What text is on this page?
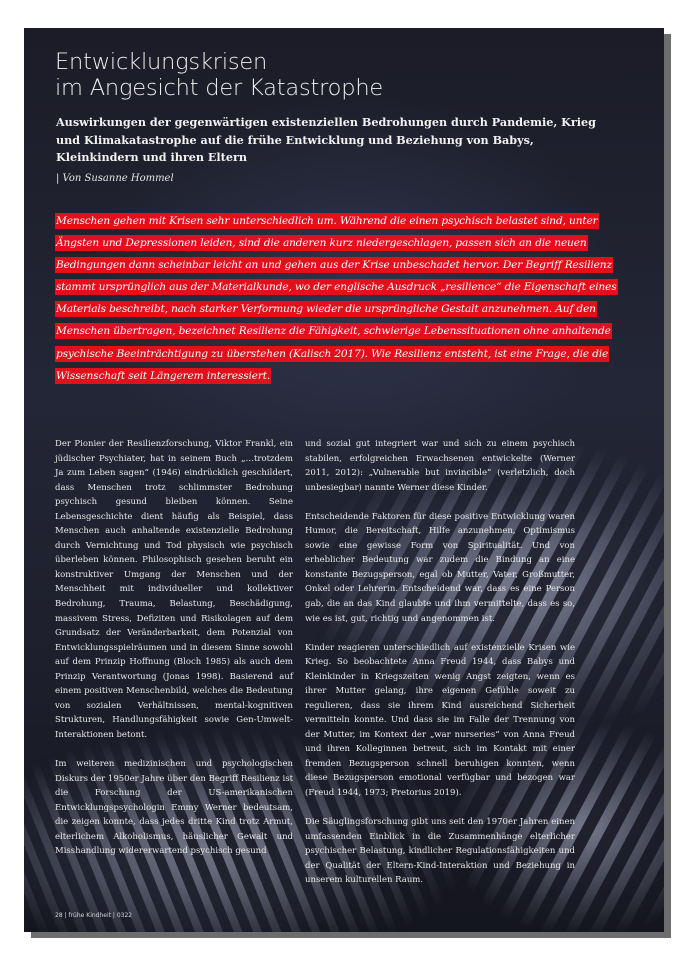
Entwicklungskrisen
im Angesicht der Katastrophe

Auswirkungen der gegenwärtigen existenziellen Bedrohungen durch Pandemie, Krieg und Klimakatastrophe auf die frühe Entwicklung und Beziehung von Babys, Kleinkindern und ihren Eltern

| Von Susanne Hommel

Menschen gehen mit Krisen sehr unterschiedlich um. Während die einen psychisch belastet sind, unter Ängsten und Depressionen leiden, sind die anderen kurz niedergeschlagen, passen sich an die neuen Bedingungen dann scheinbar leicht an und gehen aus der Krise unbeschadet hervor. Der Begriff Resilienz stammt ursprünglich aus der Materialkunde, wo der englische Ausdruck „resilience“ die Eigenschaft eines Materials beschreibt, nach starker Verformung wieder die ursprüngliche Gestalt anzunehmen. Auf den Menschen übertragen, bezeichnet Resilienz die Fähigkeit, schwierige Lebenssituationen ohne anhaltende psychische Beeinträchtigung zu überstehen (Kalisch 2017). Wie Resilienz entsteht, ist eine Frage, die die Wissenschaft seit Längerem interessiert.

Der Pionier der Resilienzforschung, Viktor Frankl, ein jüdischer Psychiater, hat in seinem Buch „…trotzdem Ja zum Leben sagen“ (1946) eindrücklich geschildert, dass Menschen trotz schlimmster Bedrohung psychisch gesund bleiben können. Seine Lebensgeschichte dient häufig als Beispiel, dass Menschen auch anhaltende existenzielle Bedrohung durch Vernichtung und Tod physisch wie psychisch überleben können. Philosophisch gesehen beruht ein konstruktiver Umgang der Menschen und der Menschheit mit individueller und kollektiver Bedrohung, Trauma, Belastung, Beschädigung, massivem Stress, Defiziten und Risikolagen auf dem Grundsatz der Veränderbarkeit, dem Potenzial von Entwicklungsspielräumen und in diesem Sinne sowohl auf dem Prinzip Hoffnung (Bloch 1985) als auch dem Prinzip Verantwortung (Jonas 1998). Basierend auf einem positiven Menschenbild, welches die Bedeutung von sozialen Verhältnissen, mental-kognitiven Strukturen, Handlungsfähigkeit sowie Gen-Umwelt-Interaktionen betont.

Im weiteren medizinischen und psychologischen Diskurs der 1950er Jahre über den Begriff Resilienz ist die Forschung der US-amerikanischen Entwicklungspsychologin Emmy Werner bedeutsam, die zeigen konnte, dass jedes dritte Kind trotz Armut, elterlichem Alkoholismus, häuslicher Gewalt und Misshandlung widererwartend psychisch gesund

und sozial gut integriert war und sich zu einem psychisch stabilen, erfolgreichen Erwachsenen entwickelte (Werner 2011, 2012): „Vulnerable but invincible“ (verletzlich, doch unbesiegbar) nannte Werner diese Kinder.

Entscheidende Faktoren für diese positive Entwicklung waren Humor, die Bereitschaft, Hilfe anzunehmen, Optimismus sowie eine gewisse Form von Spiritualität. Und von erheblicher Bedeutung war zudem die Bindung an eine konstante Bezugsperson, egal ob Mutter, Vater, Großmutter, Onkel oder Lehrerin. Entscheidend war, dass es eine Person gab, die an das Kind glaubte und ihm vermittelte, dass es so, wie es ist, gut, richtig und angenommen ist.

Kinder reagieren unterschiedlich auf existenzielle Krisen wie Krieg. So beobachtete Anna Freud 1944, dass Babys und Kleinkinder in Kriegszeiten wenig Angst zeigten, wenn es ihrer Mutter gelang, ihre eigenen Gefühle soweit zu regulieren, dass sie ihrem Kind ausreichend Sicherheit vermitteln konnte. Und dass sie im Falle der Trennung von der Mutter, im Kontext der „war nurseries“ von Anna Freud und ihren Kolleginnen betreut, sich im Kontakt mit einer fremden Bezugsperson schnell beruhigen konnten, wenn diese Bezugsperson emotional verfügbar und bezogen war (Freud 1944, 1973; Pretorius 2019).

Die Säuglingsforschung gibt uns seit den 1970er Jahren einen umfassenden Einblick in die Zusammenhänge elterlicher psychischer Belastung, kindlicher Regulationsfähigkeiten und der Qualität der Eltern-Kind-Interaktion und Beziehung in unserem kulturellen Raum.

28 | frühe Kindheit | 0322
